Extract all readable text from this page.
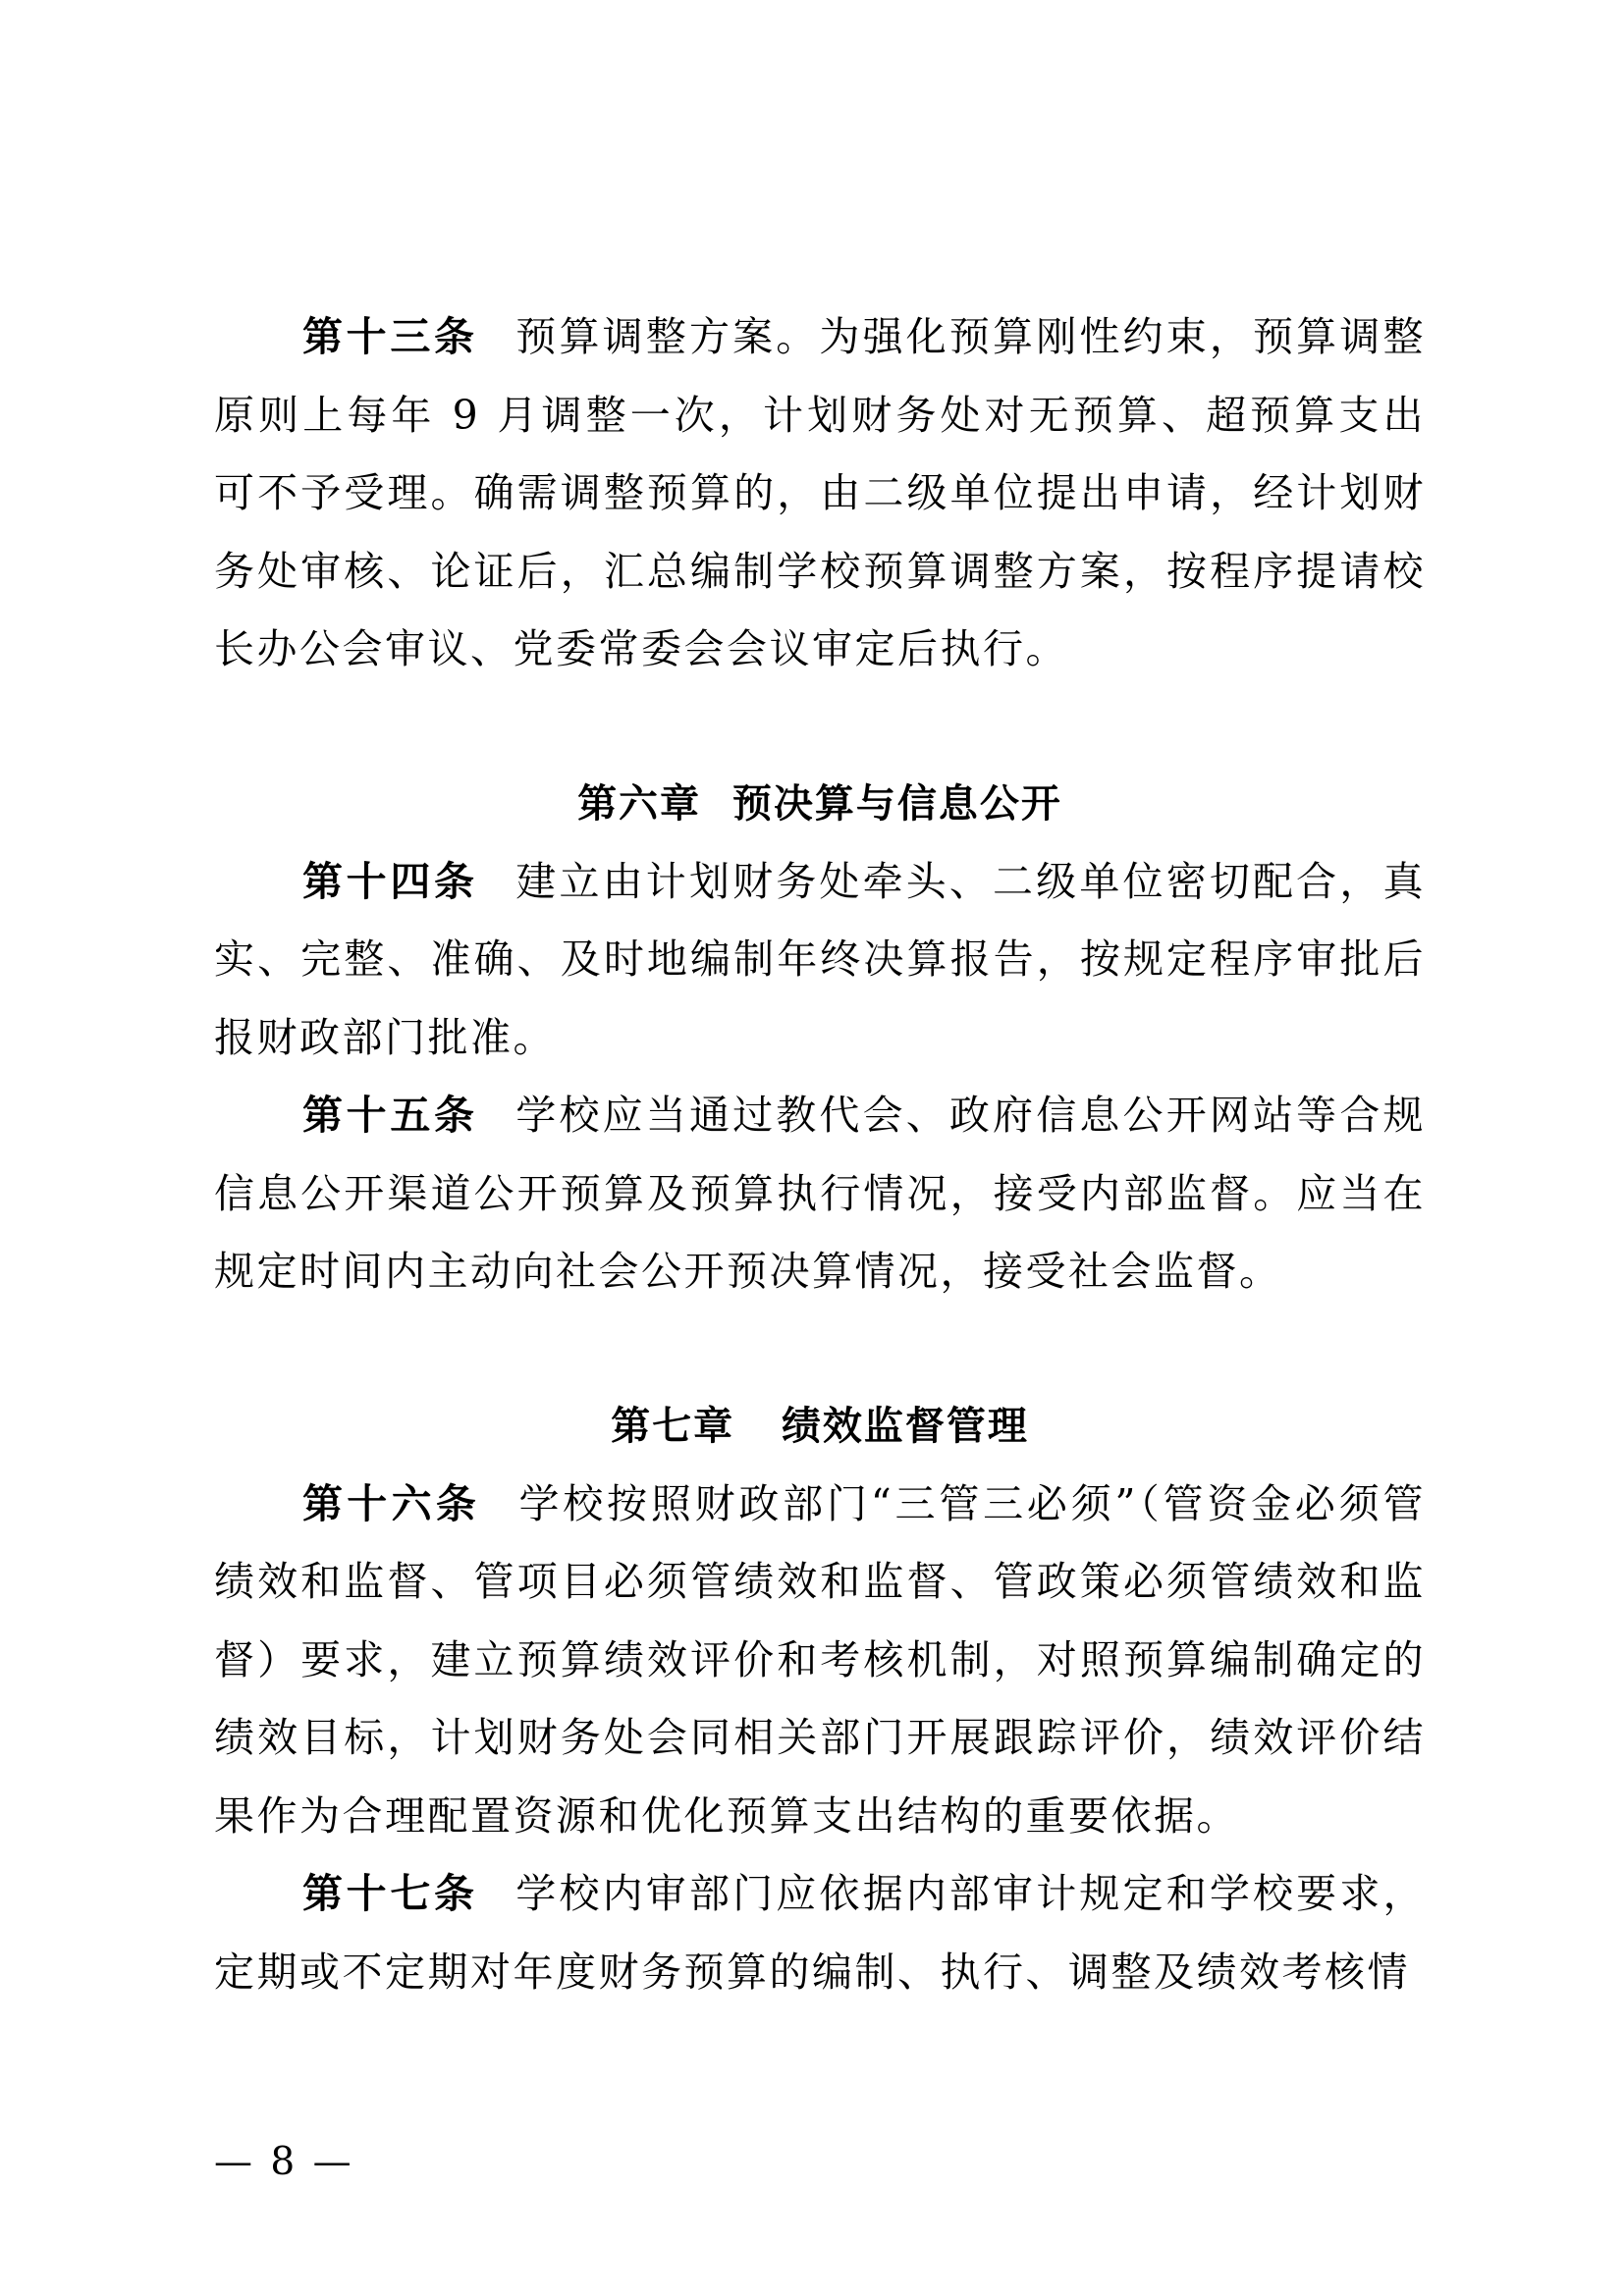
第十三条 预算调整方案。为强化预算刚性约束，预算调整原则上每年 9 月调整一次，计划财务处对无预算、超预算支出可不予受理。确需调整预算的，由二级单位提出申请，经计划财务处审核、论证后，汇总编制学校预算调整方案，按程序提请校长办公会审议、党委常委会会议审定后执行。

第六章  预决算与信息公开

第十四条 建立由计划财务处牵头、二级单位密切配合，真实、完整、准确、及时地编制年终决算报告，按规定程序审批后报财政部门批准。

第十五条 学校应当通过教代会、政府信息公开网站等合规信息公开渠道公开预算及预算执行情况，接受内部监督。应当在规定时间内主动向社会公开预决算情况，接受社会监督。

第七章   绩效监督管理

第十六条 学校按照财政部门“三管三必须”（管资金必须管绩效和监督、管项目必须管绩效和监督、管政策必须管绩效和监督）要求，建立预算绩效评价和考核机制，对照预算编制确定的绩效目标，计划财务处会同相关部门开展跟踪评价，绩效评价结果作为合理配置资源和优化预算支出结构的重要依据。

第十七条 学校内审部门应依据内部审计规定和学校要求，定期或不定期对年度财务预算的编制、执行、调整及绩效考核情

— 8 —
